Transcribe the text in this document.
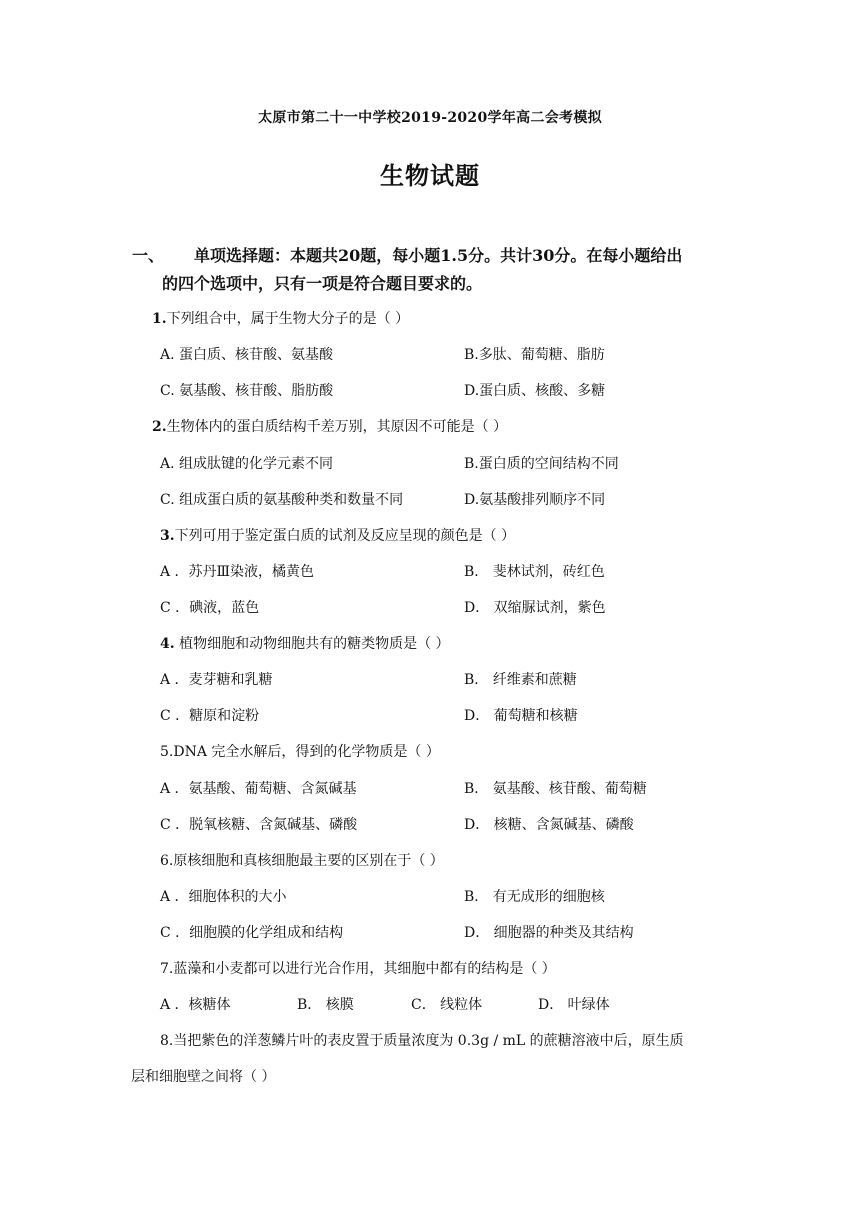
太原市第二十一中学校2019-2020学年高二会考模拟
生物试题
一、 单项选择题：本题共20题，每小题1.5分。共计30分。在每小题给出
的四个选项中，只有一项是符合题目要求的。
1.下列组合中，属于生物大分子的是（ ）
A. 蛋白质、核苷酸、氨基酸	B.多肽、葡萄糖、脂肪
C. 氨基酸、核苷酸、脂肪酸	D.蛋白质、核酸、多糖
2.生物体内的蛋白质结构千差万别，其原因不可能是（ ）
A. 组成肽键的化学元素不同	B.蛋白质的空间结构不同
C. 组成蛋白质的氨基酸种类和数量不同	D.氨基酸排列顺序不同
3.下列可用于鉴定蛋白质的试剂及反应呈现的颜色是（ ）
A ．苏丹Ⅲ染液，橘黄色	B． 斐林试剂，砖红色
C ．碘液，蓝色	D． 双缩脲试剂，紫色
4. 植物细胞和动物细胞共有的糖类物质是（ ）
A ．麦芽糖和乳糖	B． 纤维素和蔗糖
C ．糖原和淀粉	D． 葡萄糖和核糖
5.DNA 完全水解后，得到的化学物质是（ ）
A ．氨基酸、葡萄糖、含氮碱基	B． 氨基酸、核苷酸、葡萄糖
C ．脱氧核糖、含氮碱基、磷酸	D． 核糖、含氮碱基、磷酸
6.原核细胞和真核细胞最主要的区别在于（ ）
A ．细胞体积的大小	B． 有无成形的细胞核
C ．细胞膜的化学组成和结构	D． 细胞器的种类及其结构
7.蓝藻和小麦都可以进行光合作用，其细胞中都有的结构是（ ）
A ．核糖体	B． 核膜	C． 线粒体	D． 叶绿体
8.当把紫色的洋葱鳞片叶的表皮置于质量浓度为 0.3g / mL 的蔗糖溶液中后，原生质
层和细胞壁之间将（ ）
